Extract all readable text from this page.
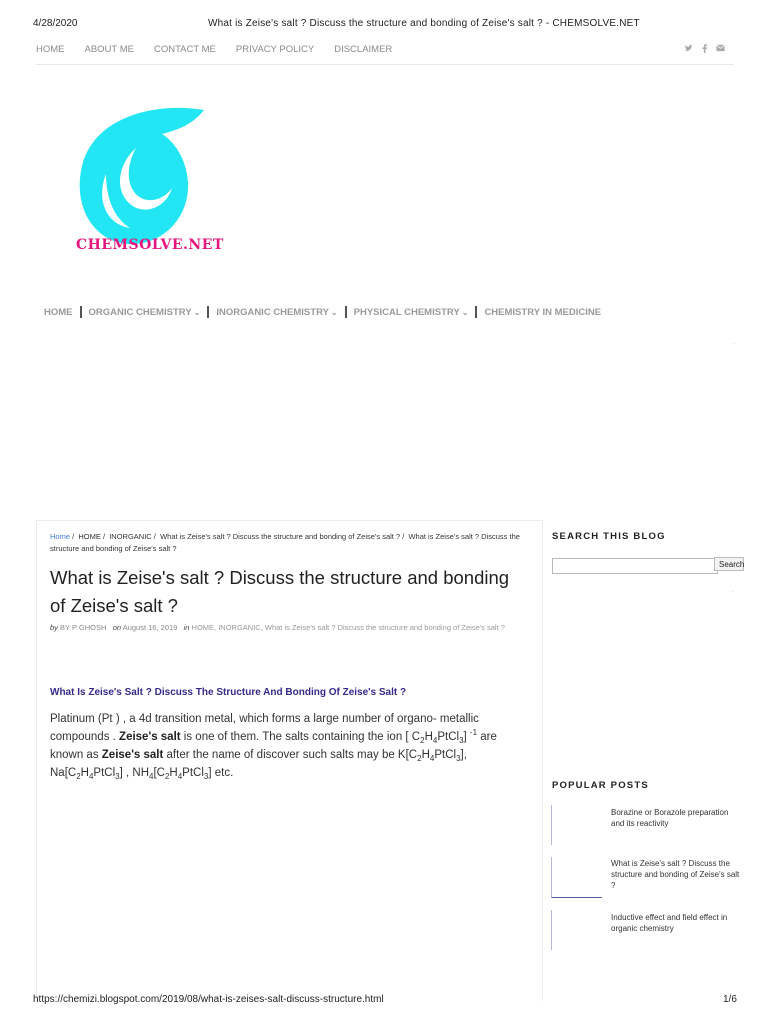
4/28/2020	What is Zeise's salt ? Discuss the structure and bonding of Zeise's salt ? - CHEMSOLVE.NET
HOME ABOUT ME CONTACT ME PRIVACY POLICY DISCLAIMER
CHEMSOLVE.NET
HOME ORGANIC CHEMISTRY ⌄ INORGANIC CHEMISTRY ⌄ PHYSICAL CHEMISTRY ⌄ CHEMISTRY IN MEDICINE
·
Home /  HOME /  INORGANIC /  What is Zeise's salt ? Discuss the structure and bonding of Zeise's salt ? /  What is Zeise's salt ? Discuss the structure and bonding of Zeise's salt ?
What is Zeise's salt ? Discuss the structure and bonding of Zeise's salt ?
by BY P GHOSH on August 16, 2019 in HOME, INORGANIC, What is Zeise's salt ? Discuss the structure and bonding of Zeise's salt ?
What Is Zeise's Salt ? Discuss The Structure And Bonding Of Zeise's Salt ?
Platinum (Pt ) , a 4d transition metal, which forms a large number of organo- metallic compounds . Zeise's salt is one of them. The salts containing the ion [ $C_2H_4PtCl_3$] $^{-1}$ are known as Zeise's salt after the name of discover such salts may be $K[C_2H_4PtCl_3]$, $Na[C_2H_4PtCl_3]$ , $NH_4[C_2H_4PtCl_3]$ etc.
SEARCH THIS BLOG
Search
·
POPULAR POSTS
Borazine or Borazole preparation and its reactivity
What is Zeise's salt ? Discuss the structure and bonding of Zeise's salt ?
Inductive effect and field effect in organic chemistry
https://chemizi.blogspot.com/2019/08/what-is-zeises-salt-discuss-structure.html	1/6
